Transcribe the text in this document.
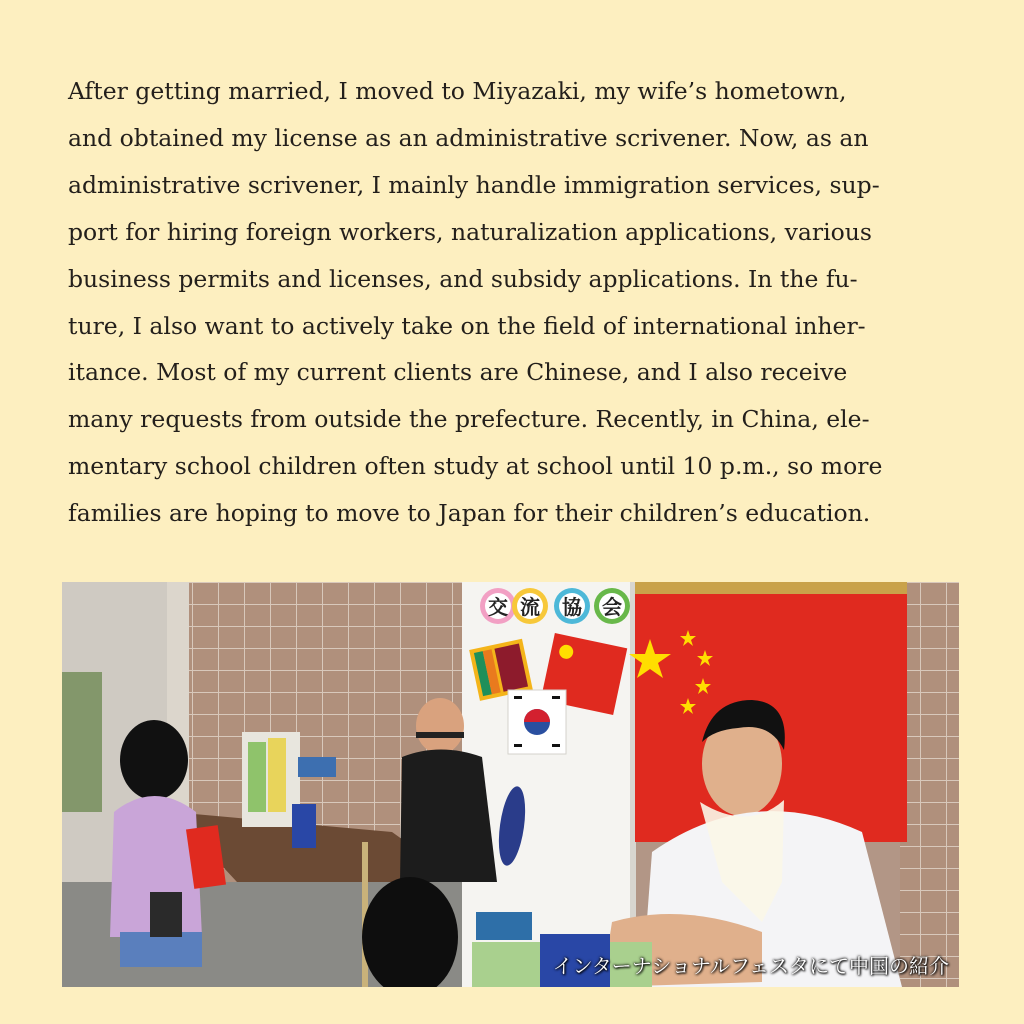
After getting married, I moved to Miyazaki, my wife’s hometown,
and obtained my license as an administrative scrivener. Now, as an
administrative scrivener, I mainly handle immigration services, sup-
port for hiring foreign workers, naturalization applications, various
business permits and licenses, and subsidy applications. In the fu-
ture, I also want to actively take on the field of international inher-
itance. Most of my current clients are Chinese, and I also receive
many requests from outside the prefecture. Recently, in China, ele-
mentary school children often study at school until 10 p.m., so more
families are hoping to move to Japan for their children’s education.

交 流 協 会
インターナショナルフェスタにて中国の紹介
